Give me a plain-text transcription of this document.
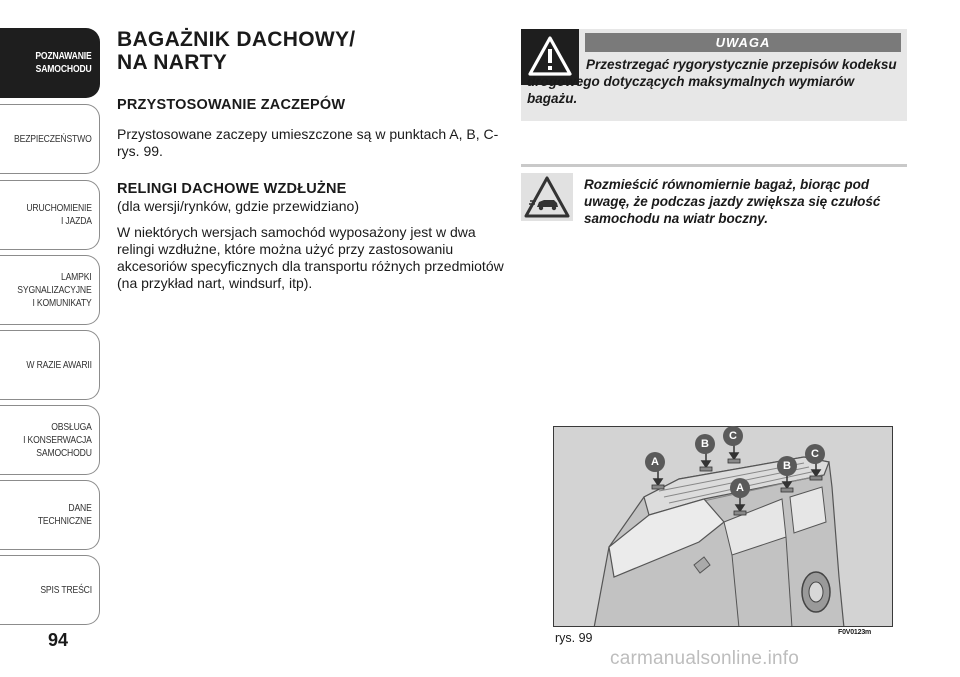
POZNAWANIE
SAMOCHODU
BEZPIECZEŃSTWO
URUCHOMIENIE
I JAZDA
LAMPKI
SYGNALIZACYJNE
I KOMUNIKATY
W RAZIE AWARII
OBSŁUGA
I KONSERWACJA
SAMOCHODU
DANE
TECHNICZNE
SPIS TREŚCI
94
BAGAŻNIK DACHOWY/
NA NARTY
PRZYSTOSOWANIE ZACZEPÓW

Przystosowane zaczepy umieszczone są w punktach A, B, C-rys. 99.

RELINGI DACHOWE WZDŁUŻNE

(dla wersji/rynków, gdzie przewidziano)

W niektórych wersjach samochód wyposażony jest w dwa relingi wzdłużne, które można użyć przy zastosowaniu akcesoriów specyficznych dla transportu różnych przedmiotów (na przykład nart, windsurf, itp).

UWAGA
Przestrzegać rygorystycznie przepisów kodeksu drogowego dotyczących maksymalnych wymiarów bagażu.
Rozmieścić równomiernie bagaż, biorąc pod uwagę, że podczas jazdy zwiększa się czułość samochodu na wiatr boczny.
A
B
C
A
B
C
rys. 99	F0V0123m
carmanualsonline.info
